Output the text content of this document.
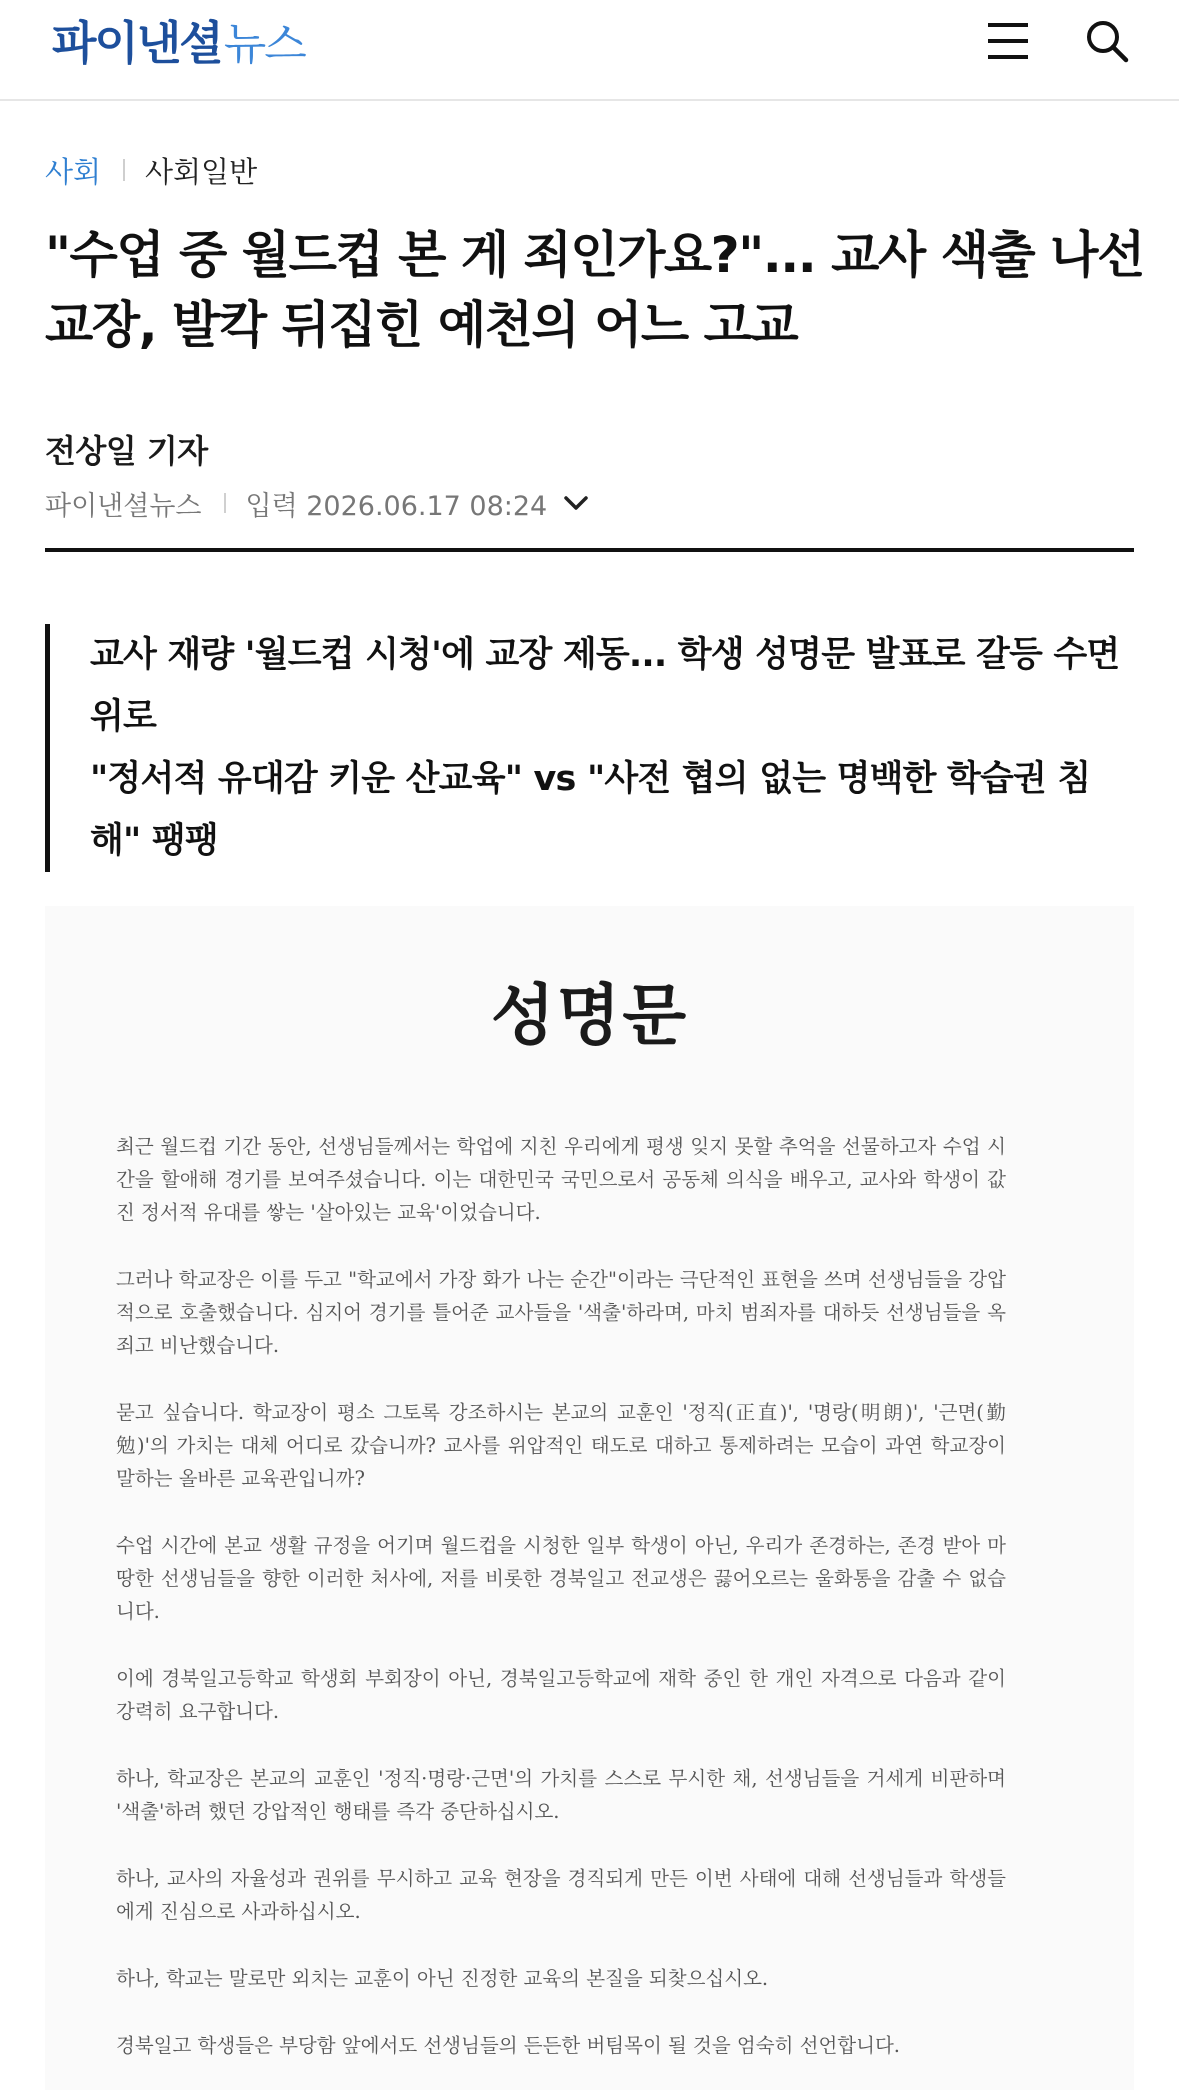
파이낸셜 뉴스
사회 사회일반
"수업 중 월드컵 본 게 죄인가요?"... 교사 색출 나선 교장, 발칵 뒤집힌 예천의 어느 고교
전상일 기자
파이낸셜뉴스 입력 2026.06.17 08:24

교사 재량 '월드컵 시청'에 교장 제동... 학생 성명문 발표로 갈등 수면 위로

"정서적 유대감 키운 산교육" vs "사전 협의 없는 명백한 학습권 침해" 팽팽

성명문

최근 월드컵 기간 동안, 선생님들께서는 학업에 지친 우리에게 평생 잊지 못할 추억을 선물하고자 수업 시간을 할애해 경기를 보여주셨습니다. 이는 대한민국 국민으로서 공동체 의식을 배우고, 교사와 학생이 값진 정서적 유대를 쌓는 '살아있는 교육'이었습니다.

그러나 학교장은 이를 두고 "학교에서 가장 화가 나는 순간"이라는 극단적인 표현을 쓰며 선생님들을 강압적으로 호출했습니다. 심지어 경기를 틀어준 교사들을 '색출'하라며, 마치 범죄자를 대하듯 선생님들을 옥죄고 비난했습니다.

묻고 싶습니다. 학교장이 평소 그토록 강조하시는 본교의 교훈인 '정직(正直)', '명랑(明朗)', '근면(勤勉)'의 가치는 대체 어디로 갔습니까? 교사를 위압적인 태도로 대하고 통제하려는 모습이 과연 학교장이 말하는 올바른 교육관입니까?

수업 시간에 본교 생활 규정을 어기며 월드컵을 시청한 일부 학생이 아닌, 우리가 존경하는, 존경 받아 마땅한 선생님들을 향한 이러한 처사에, 저를 비롯한 경북일고 전교생은 끓어오르는 울화통을 감출 수 없습니다.

이에 경북일고등학교 학생회 부회장이 아닌, 경북일고등학교에 재학 중인 한 개인 자격으로 다음과 같이 강력히 요구합니다.

하나, 학교장은 본교의 교훈인 '정직·명랑·근면'의 가치를 스스로 무시한 채, 선생님들을 거세게 비판하며 '색출'하려 했던 강압적인 행태를 즉각 중단하십시오.

하나, 교사의 자율성과 권위를 무시하고 교육 현장을 경직되게 만든 이번 사태에 대해 선생님들과 학생들에게 진심으로 사과하십시오.

하나, 학교는 말로만 외치는 교훈이 아닌 진정한 교육의 본질을 되찾으십시오.

경북일고 학생들은 부당함 앞에서도 선생님들의 든든한 버팀목이 될 것을 엄숙히 선언합니다.
